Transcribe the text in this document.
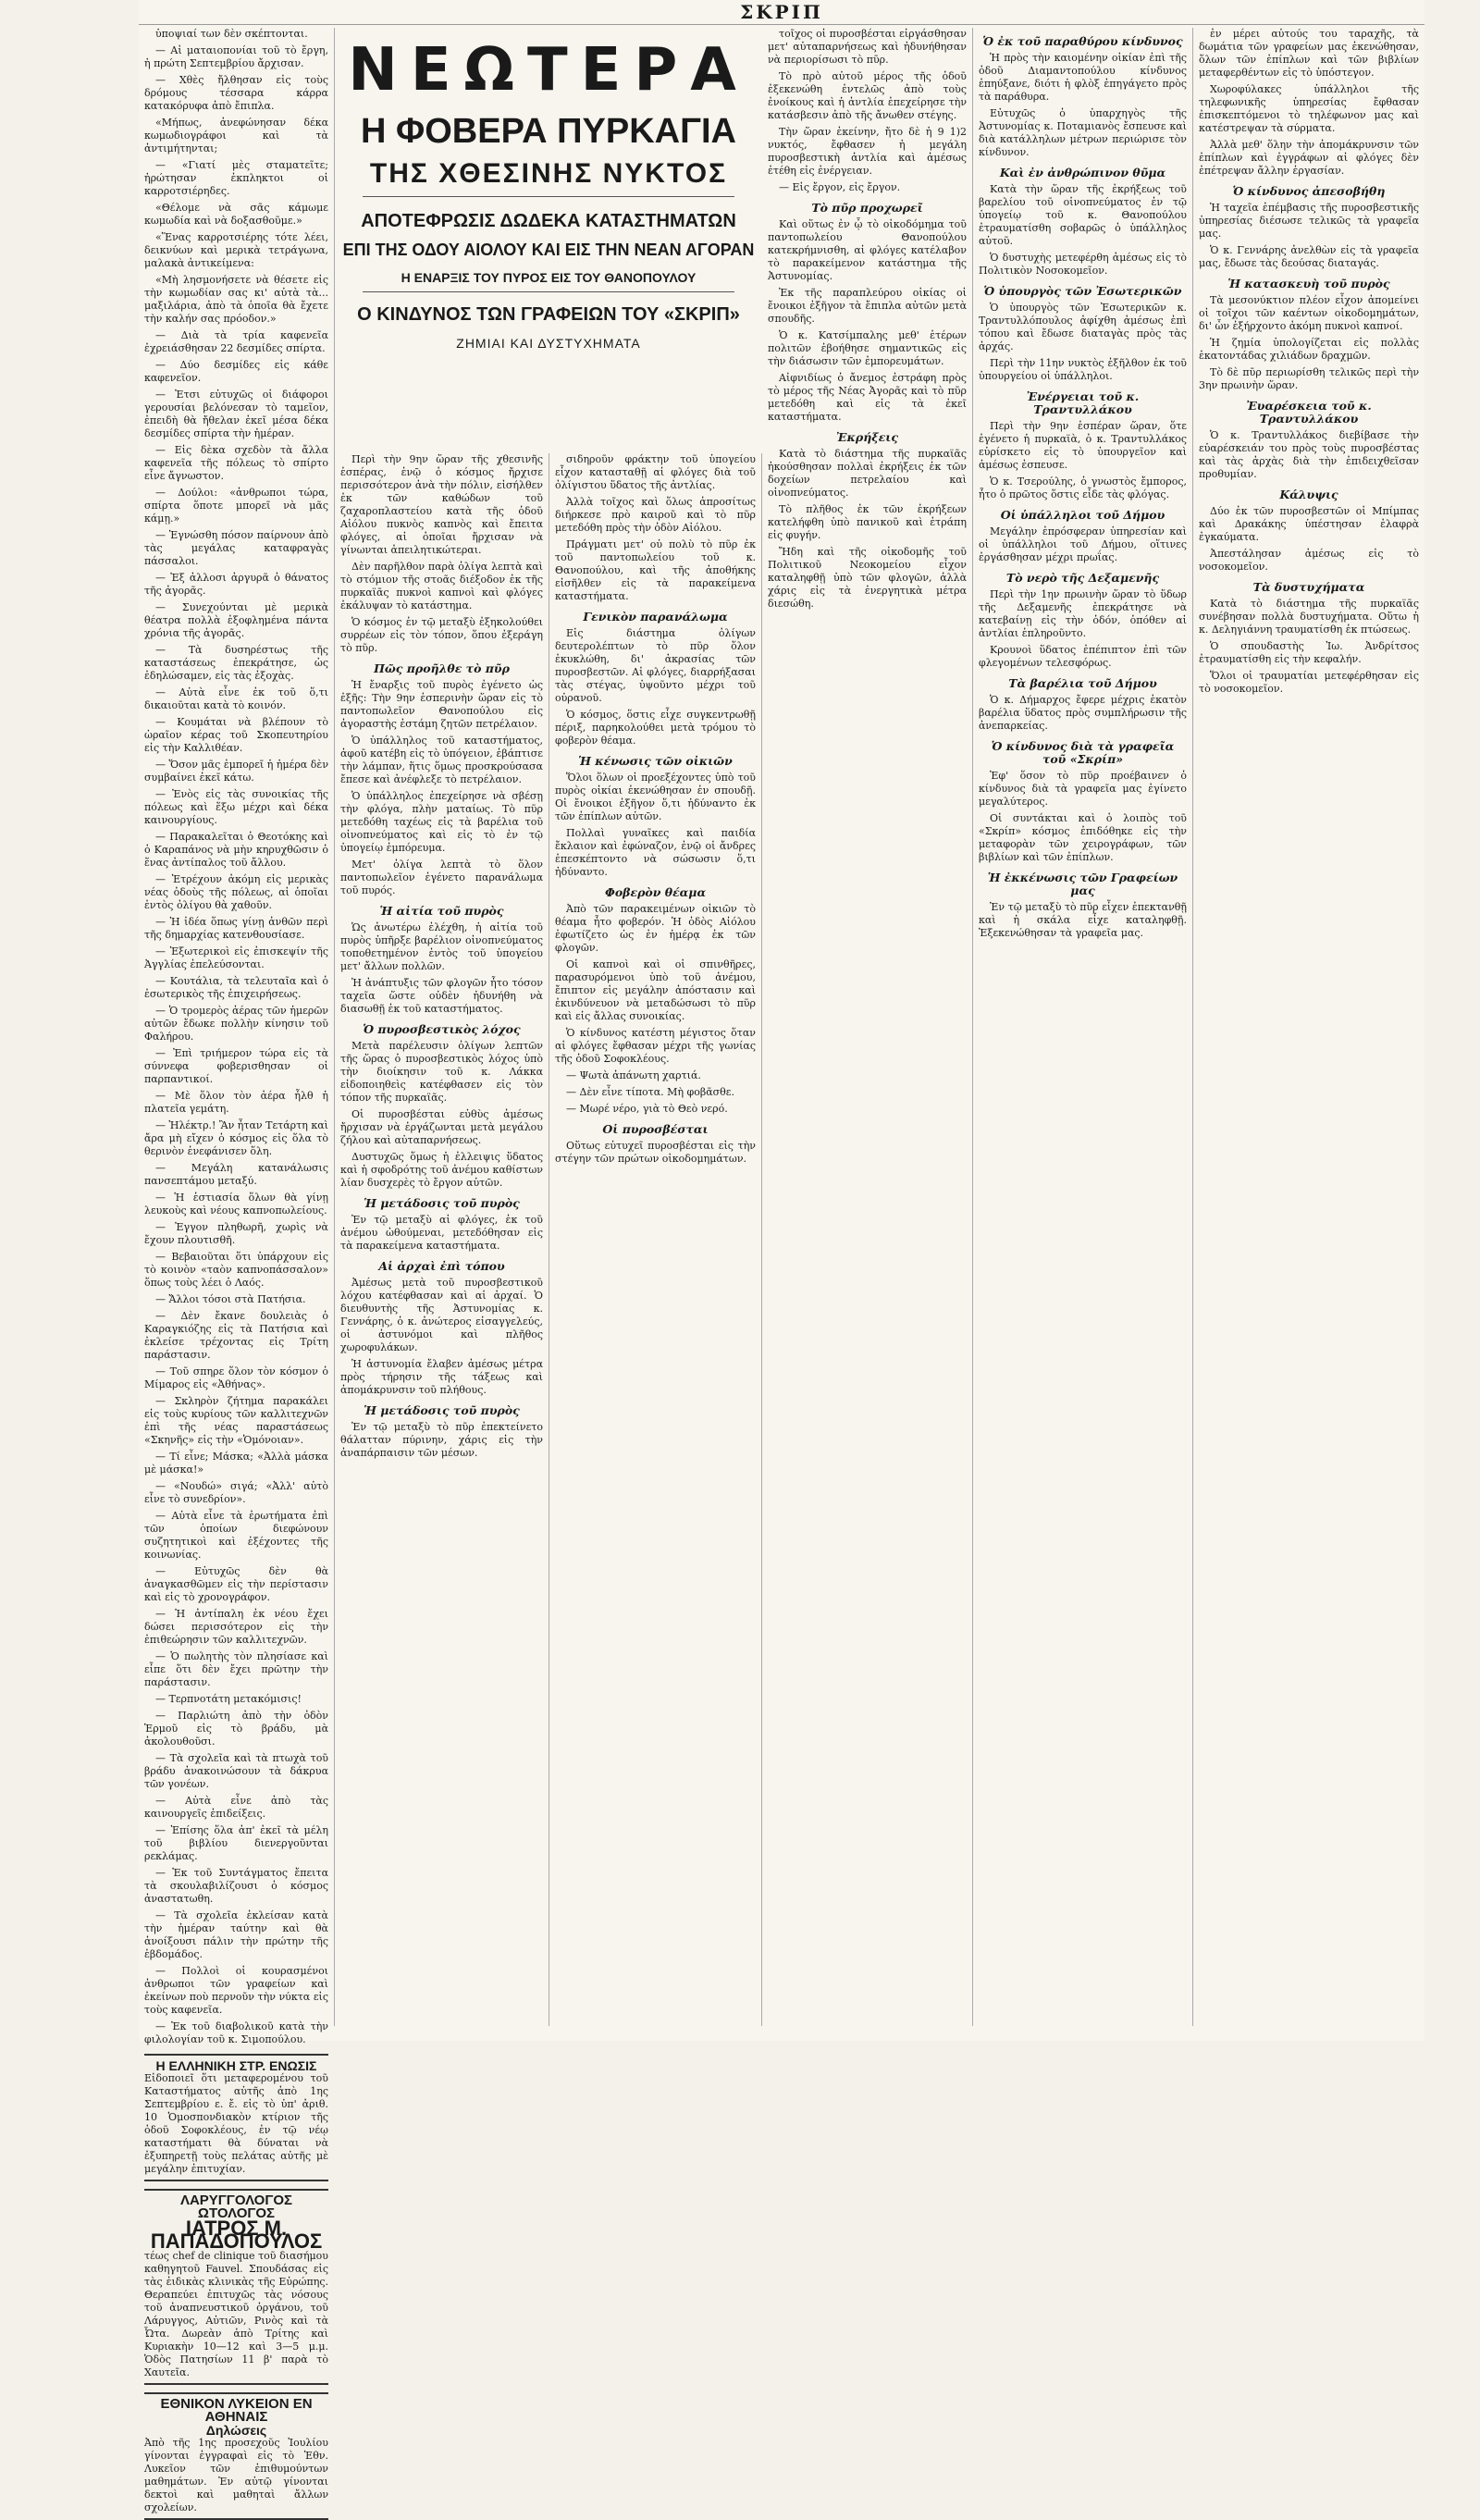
ΣΚΡΙΠ

ὑποψιαί των δὲν σκέπτονται.

— Αἱ ματαιοπονίαι τοῦ τὸ ἔργη, ἡ πρώτη Σεπτεμβρίου ἄρχισαν.

— Χθὲς ἤλθησαν εἰς τοὺς δρόμους τέσσαρα κάρρα κατακόρυφα ἀπὸ ἔπιπλα.

«Μήπως, ἀνεφώνησαν δέκα κωμωδιογράφοι καὶ τὰ ἀντιμήτηνται;

— «Γιατί μὲς σταματεῖτε; ἠρώτησαν ἐκπληκτοι οἱ καρροτσιέρηδες.

«Θέλομε νὰ σᾶς κάμωμε κωμωδία καὶ νὰ δοξασθοῦμε.»

«Ἕνας καρροτσιέρης τότε λέει, δεικνύων καὶ μερικὰ τετράγωνα, μαλακὰ ἀντικείμενα:

«Μὴ λησμονήσετε νὰ θέσετε εἰς τὴν κωμωδίαν σας κι' αὐτὰ τὰ... μαξιλάρια, ἀπὸ τὰ ὁποῖα θὰ ἔχετε τὴν καλήν σας πρόοδον.»

— Διὰ τὰ τρία καφενεῖα ἐχρειάσθησαν 22 δεσμίδες σπίρτα.

— Δύο δεσμίδες εἰς κάθε καφενεῖον.

— Ἐτσι εὐτυχῶς οἱ διάφοροι γερουσίαι βελόνεσαν τὸ ταμεῖον, ἐπειδὴ θὰ ἤθελαν ἐκεῖ μέσα δέκα δεσμίδες σπίρτα τὴν ἡμέραν.

— Εἰς δὲκα σχεδὸν τὰ ἄλλα καφενεῖα τῆς πόλεως τὸ σπίρτο εἶνε ἄγνωστον.

— Δούλοι: «ἀνθρωποι τώρα, σπίρτα ὅποτε μπορεῖ νὰ μᾶς κάμῃ.»

— Ἐγνώσθη πόσον παίρνουν ἀπὸ τὰς μεγάλας καταφραγὰς πάσσαλοι.

— Ἐξ ἀλλοσι ἀργυρᾶ ὁ θάνατος τῆς ἀγορᾶς.

— Συνεχούνται μὲ μερικὰ θέατρα πολλὰ ἐξοφλημένα πάντα χρόνια τῆς ἀγορᾶς.

— Τὰ δυσηρέστως τῆς καταστάσεως ἐπεκράτησε, ὡς ἐδηλώσαμεν, εἰς τὰς ἐξοχὰς.

— Αὐτὰ εἶνε ἐκ τοῦ ὅ,τι δικαιοῦται κατὰ τὸ κοινόν.

— Κουμάται νὰ βλέπουν τὸ ὡραῖον κέρας τοῦ Σκοπευτηρίου εἰς τὴν Καλλιθέαν.

— Ὅσον μᾶς ἐμπορεῖ ἡ ἡμέρα δὲν συμβαίνει ἐκεῖ κάτω.

— Ἐνὸς εἰς τὰς συνοικίας τῆς πόλεως καὶ ἕξω μέχρι καὶ δέκα καινουργίους.

— Παρακαλεῖται ὁ Θεοτόκης καὶ ὁ Καραπάνος νὰ μὴν κηρυχθῶσιν ὁ ἕνας ἀντίπαλος τοῦ ἄλλου.

— Ἐτρέχουν ἀκόμη εἰς μερικὰς νέας ὁδοὺς τῆς πόλεως, αἱ ὁποῖαι ἐντὸς ὀλίγου θὰ χαθοῦν.

— Ἡ ἰδέα ὅπως γίνῃ ἀνθῶν περὶ τῆς δημαρχίας κατενθουσίασε.

— Ἐξωτερικοὶ εἰς ἐπισκεψίν τῆς Ἀγγλίας ἐπελεύσονται.

— Κουτάλια, τὰ τελευταῖα καὶ ὁ ἐσωτερικὸς τῆς ἐπιχειρήσεως.

— Ὁ τρομερὸς ἀέρας τῶν ἡμερῶν αὐτῶν ἔδωκε πολλὴν κίνησιν τοῦ Φαλήρου.

— Ἐπὶ τριήμερον τώρα εἰς τὰ σύννεφα φοβερισθησαν οἱ παρπαντικοί.

— Μὲ ὅλον τὸν ἀέρα ἦλθ ἡ πλατεῖα γεμάτη.

— Ἡλέκτρ.! Ἂν ἦταν Τετάρτη καὶ ἄρα μὴ εἴχεν ὁ κόσμος εἰς ὅλα τὸ θερινὸν ἐνεφάνισεν ὅλη.

— Μεγάλη κατανάλωσις πανσεπτάμου μεταξύ.

— Ἡ ἑστιασία ὅλων θὰ γίνῃ λευκοὺς καὶ νέους καπνοπωλείους.

— Ἐγγον πληθωρῆ, χωρὶς νὰ ἔχουν πλουτισθῆ.

— Βεβαιοῦται ὅτι ὑπάρχουν εἰς τὸ κοινὸν «ταὸν καπνοπάσσαλον» ὅπως τοὺς λέει ὁ Λαός.

— Ἄλλοι τόσοι στὰ Πατήσια.

— Δὲν ἔκανε δουλειὰς ὁ Καραγκιόζης εἰς τὰ Πατήσια καὶ ἐκλείσε τρέχοντας εἰς Τρίτη παράστασιν.

— Τοῦ σπηρε ὅλον τὸν κόσμον ὁ Μίμαρος εἰς «Ἀθήνας».

— Σκληρὸν ζήτημα παρακάλει εἰς τοὺς κυρίους τῶν καλλιτεχνῶν ἐπὶ τῆς νέας παραστάσεως «Σκηνῆς» εἰς τὴν «Ὁμόνοιαν».

— Τί εἶνε; Μάσκα; «Ἀλλὰ μάσκα μὲ μάσκα!»

— «Νουδώ» σιγά; «Ἀλλ' αὐτὸ εἶνε τὸ συνεδρίον».

— Αὐτὰ εἶνε τὰ ἐρωτήματα ἐπὶ τῶν ὁποίων διεφώνουν συζητητικοὶ καὶ ἐξέχοντες τῆς κοινωνίας.

— Εὐτυχῶς δὲν θὰ ἀναγκασθῶμεν εἰς τὴν περίστασιν καὶ εἰς τὸ χρονογράφον.

— Ἡ ἀντίπαλη ἐκ νέου ἔχει δώσει περισσότερον εἰς τὴν ἐπιθεώρησιν τῶν καλλιτεχνῶν.

— Ὁ πωλητὴς τὸν πλησίασε καὶ εἶπε ὅτι δὲν ἔχει πρῶτην τὴν παράστασιν.

— Τερπνοτάτη μετακόμισις!

— Παρλιώτη ἀπὸ τὴν ὀδὸν Ἑρμοῦ εἰς τὸ βράδυ, μὰ ἀκολουθοῦσι.

— Τὰ σχολεῖα καὶ τὰ πτωχὰ τοῦ βράδυ ἀνακοινώσουν τὰ δάκρυα τῶν γονέων.

— Αὐτὰ εἶνε ἀπὸ τὰς καινουργεῖς ἐπιδείξεις.

— Ἐπίσης ὅλα ἀπ' ἐκεῖ τὰ μέλη τοῦ βιβλίου διενεργοῦνται ρεκλάμας.

— Ἐκ τοῦ Συντάγματος ἔπειτα τὰ σκουλαβιλίζουσι ὁ κόσμος ἀναστατωθη.

— Τὰ σχολεῖα ἐκλείσαν κατὰ τὴν ἡμέραν ταύτην καὶ θὰ ἀνοίξουσι πάλιν τὴν πρώτην τῆς ἑβδομάδος.

— Πολλοὶ οἱ κουρασμένοι ἀνθρωποι τῶν γραφείων καὶ ἐκείνων ποὺ περνοῦν τὴν νύκτα εἰς τοὺς καφενεῖα.

— Ἐκ τοῦ διαβολικοῦ κατὰ τὴν φιλολογίαν τοῦ κ. Σιμοπούλου.

Η ΕΛΛΗΝΙΚΗ ΣΤΡ. ΕΝΩΣΙΣ
Εἰδοποιεῖ ὅτι μεταφερομένου τοῦ Καταστήματος αὐτῆς ἀπὸ 1ης Σεπτεμβρίου ε. ἔ. εἰς τὸ ὑπ' ἀριθ. 10 Ὁμοσπονδιακὸν κτίριον τῆς ὁδοῦ Σοφοκλέους, ἐν τῷ νέῳ καταστήματι θὰ δύναται νὰ ἐξυπηρετῇ τοὺς πελάτας αὐτῆς μὲ μεγάλην ἐπιτυχίαν.
ΛΑΡΥΓΓΟΛΟΓΟΣ ΩΤΟΛΟΓΟΣ
ΙΑΤΡΟΣ Μ. ΠΑΠΑΔΟΠΟΥΛΟΣ
τέως chef de clinique τοῦ διασήμου καθηγητοῦ Fauvel. Σπουδάσας εἰς τὰς ἐιδικὰς κλινικὰς τῆς Εὐρώπης. Θεραπεύει ἐπιτυχῶς τὰς νόσους τοῦ ἀναπνευστικοῦ ὀργάνου, τοῦ Λάρυγγος, Αὐτιῶν, Ρινὸς καὶ τὰ Ὦτα. Δωρεὰν ἀπὸ Τρίτης καὶ Κυριακὴν 10—12 καὶ 3—5 μ.μ. Ὁδὸς Πατησίων 11 β' παρὰ τὸ Χαυτεῖα.
ΕΘΝΙΚΟΝ ΛΥΚΕΙΟΝ ΕΝ ΑΘΗΝΑΙΣ
Δηλώσεις
Ἀπὸ τῆς 1ης προσεχοῦς Ἰουλίου γίνονται ἐγγραφαὶ εἰς τὸ Ἐθν. Λυκεῖον τῶν ἐπιθυμούντων μαθημάτων. Ἐν αὐτῷ γίνονται δεκτοὶ καὶ μαθηταὶ ἄλλων σχολείων.
ΝΕΩΤΕΡΑ
Η ΦΟΒΕΡΑ ΠΥΡΚΑΓΙΑ
ΤΗΣ ΧΘΕΣΙΝΗΣ ΝΥΚΤΟΣ
ΑΠΟΤΕΦΡΩΣΙΣ ΔΩΔΕΚΑ ΚΑΤΑΣΤΗΜΑΤΩΝ
ΕΠΙ ΤΗΣ ΟΔΟΥ ΑΙΟΛΟΥ ΚΑΙ ΕΙΣ ΤΗΝ ΝΕΑΝ ΑΓΟΡΑΝ
Η ΕΝΑΡΞΙΣ ΤΟΥ ΠΥΡΟΣ ΕΙΣ ΤΟΥ ΘΑΝΟΠΟΥΛΟΥ
Ο ΚΙΝΔΥΝΟΣ ΤΩΝ ΓΡΑΦΕΙΩΝ ΤΟΥ «ΣΚΡΙΠ»
ΖΗΜΙΑΙ ΚΑΙ ΔΥΣΤΥΧΗΜΑΤΑ

Περὶ τὴν 9ην ὥραν τῆς χθεσινῆς ἑσπέρας, ἐνῷ ὁ κόσμος ἤρχισε περισσότερον ἀνὰ τὴν πόλιν, εἰσήλθεν ἐκ τῶν καθώδων τοῦ ζαχαροπλαστείου κατὰ τῆς ὁδοῦ Αἰόλου πυκνὸς καπνὸς καὶ ἔπειτα φλόγες, αἱ ὁποῖαι ἤρχισαν νὰ γίνωνται ἀπειλητικώτεραι.

Δὲν παρῆλθον παρὰ ὀλίγα λεπτὰ καὶ τὸ στόμιον τῆς στοᾶς διέξοδον ἐκ τῆς πυρκαϊᾶς πυκνοὶ καπνοὶ καὶ φλόγες ἐκάλυψαν τὸ κατάστημα.

Ὁ κόσμος ἐν τῷ μεταξὺ ἐξηκολούθει συρρέων εἰς τὸν τόπον, ὅπου ἐξεράγη τὸ πῦρ.

Πῶς προῆλθε τὸ πῦρ

Ἡ ἔναρξις τοῦ πυρὸς ἐγένετο ὡς ἐξῆς: Τὴν 9ην ἑσπερινὴν ὥραν εἰς τὸ παντοπωλεῖον Θανοπούλου εἰς ἀγοραστὴς ἐστάμη ζητῶν πετρέλαιον.

Ὁ ὑπάλληλος τοῦ καταστήματος, ἀφοῦ κατέβη εἰς τὸ ὑπόγειον, ἐβάπτισε τὴν λάμπαν, ἥτις ὅμως προσκρούσασα ἔπεσε καὶ ἀνέφλεξε τὸ πετρέλαιον.

Ὁ ὑπάλληλος ἐπεχείρησε νὰ σβέσῃ τὴν φλόγα, πλὴν ματαίως. Τὸ πῦρ μετεδόθη ταχέως εἰς τὰ βαρέλια τοῦ οἰνοπνεύματος καὶ εἰς τὸ ἐν τῷ ὑπογείῳ ἐμπόρευμα.

Μετ' ὀλίγα λεπτὰ τὸ ὅλον παντοπωλεῖον ἐγένετο παρανάλωμα τοῦ πυρός.

Ἡ αἰτία τοῦ πυρὸς

Ὡς ἀνωτέρω ἐλέχθη, ἡ αἰτία τοῦ πυρὸς ὑπῆρξε βαρέλιον οἰνοπνεύματος τοποθετημένον ἐντὸς τοῦ ὑπογείου μετ' ἄλλων πολλῶν.

Ἡ ἀνάπτυξις τῶν φλογῶν ἦτο τόσον ταχεῖα ὥστε οὐδὲν ἠδυνήθη νὰ διασωθῇ ἐκ τοῦ καταστήματος.

Ὁ πυροσβεστικὸς λόχος

Μετὰ παρέλευσιν ὀλίγων λεπτῶν τῆς ὥρας ὁ πυροσβεστικὸς λόχος ὑπὸ τὴν διοίκησιν τοῦ κ. Λάκκα εἰδοποιηθεὶς κατέφθασεν εἰς τὸν τόπον τῆς πυρκαϊᾶς.

Οἱ πυροσβέσται εὐθὺς ἀμέσως ἤρχισαν νὰ ἐργάζωνται μετὰ μεγάλου ζήλου καὶ αὐταπαρνήσεως.

Δυστυχῶς ὅμως ἡ ἐλλειψις ὕδατος καὶ ἡ σφοδρότης τοῦ ἀνέμου καθίστων λίαν δυσχερὲς τὸ ἔργον αὐτῶν.

Ἡ μετάδοσις τοῦ πυρὸς

Ἐν τῷ μεταξὺ αἱ φλόγες, ἐκ τοῦ ἀνέμου ὠθούμεναι, μετεδόθησαν εἰς τὰ παρακείμενα καταστήματα.

Αἱ ἀρχαὶ ἐπὶ τόπου

Ἀμέσως μετὰ τοῦ πυροσβεστικοῦ λόχου κατέφθασαν καὶ αἱ ἀρχαί. Ὁ διευθυντὴς τῆς Ἀστυνομίας κ. Γεννάρης, ὁ κ. ἀνώτερος εἰσαγγελεύς, οἱ ἀστυνόμοι καὶ πλῆθος χωροφυλάκων.

Ἡ ἀστυνομία ἔλαβεν ἀμέσως μέτρα πρὸς τήρησιν τῆς τάξεως καὶ ἀπομάκρυνσιν τοῦ πλήθους.

Ἡ μετάδοσις τοῦ πυρὸς

Ἐν τῷ μεταξὺ τὸ πῦρ ἐπεκτείνετο θάλατταν πύρινην, χάρις εἰς τὴν ἀναπάρπαισιν τῶν μέσων.

σιδηροῦν φράκτην τοῦ ὑπογείου εἶχον κατασταθῇ αἱ φλόγες διὰ τοῦ ὀλίγιστου ὕδατος τῆς ἀντλίας.

Ἀλλὰ τοῖχος καὶ ὅλως ἀπροσίτως διήρκεσε πρὸ καιροῦ καὶ τὸ πῦρ μετεδόθη πρὸς τὴν ὁδὸν Αἰόλου.

Πράγματι μετ' οὐ πολὺ τὸ πῦρ ἐκ τοῦ παντοπωλείου τοῦ κ. Θανοπούλου, καὶ τῆς ἀποθήκης εἰσῆλθεν εἰς τὰ παρακείμενα καταστήματα.

Γενικὸν παρανάλωμα

Εἰς διάστημα ὀλίγων δευτερολέπτων τὸ πῦρ ὅλον ἐκυκλώθη, δι' ἀκρασίας τῶν πυροσβεστῶν. Αἱ φλόγες, διαρρήξασαι τὰς στέγας, ὑψοῦντο μέχρι τοῦ οὐρανοῦ.

Ὁ κόσμος, ὅστις εἶχε συγκεντρωθῇ πέριξ, παρηκολούθει μετὰ τρόμου τὸ φοβερὸν θέαμα.

Ἡ κένωσις τῶν οἰκιῶν

Ὅλοι ὅλων οἱ προεξέχοντες ὑπὸ τοῦ πυρὸς οἰκίαι ἐκενώθησαν ἐν σπουδῇ. Οἱ ἔνοικοι ἐξῆγον ὅ,τι ἠδύναντο ἐκ τῶν ἐπίπλων αὐτῶν.

Πολλαὶ γυναῖκες καὶ παιδία ἔκλαιον καὶ ἐφώναζον, ἐνῷ οἱ ἄνδρες ἐπεσκέπτοντο νὰ σώσωσιν ὅ,τι ἠδύναντο.

Φοβερὸν θέαμα

Ἀπὸ τῶν παρακειμένων οἰκιῶν τὸ θέαμα ἦτο φοβερόν. Ἡ ὁδὸς Αἰόλου ἐφωτίζετο ὡς ἐν ἡμέρᾳ ἐκ τῶν φλογῶν.

Οἱ καπνοὶ καὶ οἱ σπινθῆρες, παρασυρόμενοι ὑπὸ τοῦ ἀνέμου, ἔπιπτον εἰς μεγάλην ἀπόστασιν καὶ ἐκινδύνευον νὰ μεταδώσωσι τὸ πῦρ καὶ εἰς ἄλλας συνοικίας.

Ὁ κίνδυνος κατέστη μέγιστος ὅταν αἱ φλόγες ἔφθασαν μέχρι τῆς γωνίας τῆς ὁδοῦ Σοφοκλέους.

— Ψωτὰ ἀπάνωτη χαρτιά.

— Δὲν εἶνε τίποτα. Μὴ φοβᾶσθε.

— Μωρέ νέρο, γιὰ τὸ Θεὸ νερό.

Οἱ πυροσβέσται

Οὕτως εὐτυχεῖ πυροσβέσται εἰς τὴν στέγην τῶν πρώτων οἰκοδομημάτων.

τοῖχος οἱ πυροσβέσται εἰργάσθησαν μετ' αὐταπαρνήσεως καὶ ἠδυνήθησαν νὰ περιορίσωσι τὸ πῦρ.

Τὸ πρὸ αὐτοῦ μέρος τῆς ὁδοῦ ἐξεκενώθη ἐντελῶς ἀπὸ τοὺς ἐνοίκους καὶ ἡ ἀντλία ἐπεχείρησε τὴν κατάσβεσιν ἀπὸ τῆς ἄνωθεν στέγης.

Τὴν ὥραν ἐκείνην, ἤτο δὲ ἡ 9 1)2 νυκτός, ἔφθασεν ἡ μεγάλη πυροσβεστικὴ ἀντλία καὶ ἀμέσως ἐτέθη εἰς ἐνέργειαν.

— Εἰς ἔργον, εἰς ἔργον.

Τὸ πῦρ προχωρεῖ

Καὶ οὕτως ἐν ᾧ τὸ οἰκοδόμημα τοῦ παντοπωλείου Θανοπούλου κατεκρήμνισθη, αἱ φλόγες κατέλαβον τὸ παρακείμενον κατάστημα τῆς Ἀστυνομίας.

Ἐκ τῆς παραπλεύρου οἰκίας οἱ ἔνοικοι ἐξῆγον τὰ ἔπιπλα αὐτῶν μετὰ σπουδῆς.

Ὁ κ. Κατσίμπαλης μεθ' ἑτέρων πολιτῶν ἐβοήθησε σημαντικῶς εἰς τὴν διάσωσιν τῶν ἐμπορευμάτων.

Αἰφνιδίως ὁ ἄνεμος ἐστράφη πρὸς τὸ μέρος τῆς Νέας Ἀγορᾶς καὶ τὸ πῦρ μετεδόθη καὶ εἰς τὰ ἐκεῖ καταστήματα.

Ἐκρήξεις

Κατὰ τὸ διάστημα τῆς πυρκαϊᾶς ἠκούσθησαν πολλαὶ ἐκρήξεις ἐκ τῶν δοχείων πετρελαίου καὶ οἰνοπνεύματος.

Τὸ πλῆθος ἐκ τῶν ἐκρήξεων κατελήφθη ὑπὸ πανικοῦ καὶ ἐτράπη εἰς φυγήν.

Ἤδη καὶ τῆς οἰκοδομῆς τοῦ Πολιτικοῦ Νεοκομείου εἶχον καταληφθῇ ὑπὸ τῶν φλογῶν, ἀλλὰ χάρις εἰς τὰ ἐνεργητικὰ μέτρα διεσώθη.

Ὁ ἐκ τοῦ παραθύρου κίνδυνος

Ἡ πρὸς τὴν καιομένην οἰκίαν ἐπὶ τῆς ὁδοῦ Διαμαντοπούλου κίνδυνος ἐπηύξανε, διότι ἡ φλὸξ ἐπηγάγετο πρὸς τὰ παράθυρα.

Εὐτυχῶς ὁ ὑπαρχηγὸς τῆς Ἀστυνομίας κ. Ποταμιανὸς ἔσπευσε καὶ διὰ κατάλληλων μέτρων περιώρισε τὸν κίνδυνον.

Καὶ ἐν ἀνθρώπινον θῦμα

Κατὰ τὴν ὥραν τῆς ἐκρήξεως τοῦ βαρελίου τοῦ οἰνοπνεύματος ἐν τῷ ὑπογείῳ τοῦ κ. Θανοπούλου ἐτραυματίσθη σοβαρῶς ὁ ὑπάλληλος αὐτοῦ.

Ὁ δυστυχὴς μετεφέρθη ἀμέσως εἰς τὸ Πολιτικὸν Νοσοκομεῖον.

Ὁ ὑπουργὸς τῶν Ἐσωτερικῶν

Ὁ ὑπουργὸς τῶν Ἐσωτερικῶν κ. Τραντυλλόπουλος ἀφίχθη ἀμέσως ἐπὶ τόπου καὶ ἔδωσε διαταγὰς πρὸς τὰς ἀρχάς.

Περὶ τὴν 11ην νυκτὸς ἐξῆλθον ἐκ τοῦ ὑπουργείου οἱ ὑπάλληλοι.

Ἐνέργειαι τοῦ κ. Τραντυλλάκου

Περὶ τὴν 9ην ἑσπέραν ὥραν, ὅτε ἐγένετο ἡ πυρκαϊὰ, ὁ κ. Τραντυλλάκος εὑρίσκετο εἰς τὸ ὑπουργεῖον καὶ ἀμέσως ἐσπευσε.

Ὁ κ. Τσερούλης, ὁ γνωστὸς ἔμπορος, ἦτο ὁ πρῶτος ὅστις εἶδε τὰς φλόγας.

Οἱ ὑπάλληλοι τοῦ Δήμου

Μεγάλην ἐπρόσφεραν ὑπηρεσίαν καὶ οἱ ὑπάλληλοι τοῦ Δήμου, οἵτινες ἐργάσθησαν μέχρι πρωΐας.

Τὸ νερὸ τῆς Δεξαμενῆς

Περὶ τὴν 1ην πρωινὴν ὥραν τὸ ὕδωρ τῆς Δεξαμενῆς ἐπεκράτησε νὰ κατεβαίνῃ εἰς τὴν ὁδόν, ὁπόθεν αἱ ἀντλίαι ἐπληροῦντο.

Κρουνοὶ ὕδατος ἐπέπιπτον ἐπὶ τῶν φλεγομένων τελεσφόρως.

Τὰ βαρέλια τοῦ Δήμου

Ὁ κ. Δήμαρχος ἔφερε μέχρις ἑκατὸν βαρέλια ὕδατος πρὸς συμπλήρωσιν τῆς ἀνεπαρκείας.

Ὁ κίνδυνος διὰ τὰ γραφεῖα τοῦ «Σκρίπ»

Ἐφ' ὅσον τὸ πῦρ προέβαινεν ὁ κίνδυνος διὰ τὰ γραφεῖα μας ἐγίνετο μεγαλύτερος.

Οἱ συντάκται καὶ ὁ λοιπὸς τοῦ «Σκρίπ» κόσμος ἐπιδόθηκε εἰς τὴν μεταφορὰν τῶν χειρογράφων, τῶν βιβλίων καὶ τῶν ἐπίπλων.

Ἡ ἐκκένωσις τῶν Γραφείων μας

Ἐν τῷ μεταξὺ τὸ πῦρ εἶχεν ἐπεκτανθῇ καὶ ἡ σκάλα εἶχε καταληφθῇ. Ἐξεκενώθησαν τὰ γραφεῖα μας.

ἐν μέρει αὐτούς του ταραχῆς, τὰ δωμάτια τῶν γραφείων μας ἐκενώθησαν, ὅλων τῶν ἐπίπλων καὶ τῶν βιβλίων μεταφερθέντων εἰς τὸ ὑπόστεγον.

Χωροφύλακες ὑπάλληλοι τῆς τηλεφωνικῆς ὑπηρεσίας ἔφθασαν ἐπισκεπτόμενοι τὸ τηλέφωνον μας καὶ κατέστρεψαν τὰ σύρματα.

Ἀλλὰ μεθ' ὅλην τὴν ἀπομάκρυνσιν τῶν ἐπίπλων καὶ ἐγγράφων αἱ φλόγες δὲν ἐπέτρεψαν ἄλλην ἐργασίαν.

Ὁ κίνδυνος ἀπεσοβήθη

Ἡ ταχεῖα ἐπέμβασις τῆς πυροσβεστικῆς ὑπηρεσίας διέσωσε τελικῶς τὰ γραφεῖα μας.

Ὁ κ. Γεννάρης ἀνελθὼν εἰς τὰ γραφεῖα μας, ἔδωσε τὰς δεούσας διαταγάς.

Ἡ κατασκευὴ τοῦ πυρὸς

Τὰ μεσονύκτιον πλέον εἶχον ἀπομείνει οἱ τοῖχοι τῶν καέντων οἰκοδομημάτων, δι' ὧν ἐξήρχοντο ἀκόμη πυκνοὶ καπνοί.

Ἡ ζημία ὑπολογίζεται εἰς πολλὰς ἑκατοντάδας χιλιάδων δραχμῶν.

Τὸ δὲ πῦρ περιωρίσθη τελικῶς περὶ τὴν 3ην πρωινὴν ὥραν.

Ἐυαρέσκεια τοῦ κ. Τραντυλλάκου

Ὁ κ. Τραντυλλάκος διεβίβασε τὴν εὐαρέσκειάν του πρὸς τοὺς πυροσβέστας καὶ τὰς ἀρχὰς διὰ τὴν ἐπιδειχθεῖσαν προθυμίαν.

Κάλυψις

Δύο ἐκ τῶν πυροσβεστῶν οἱ Μπίμπας καὶ Δρακάκης ὑπέστησαν ἐλαφρὰ ἐγκαύματα.

Ἀπεστάλησαν ἀμέσως εἰς τὸ νοσοκομεῖον.

Τὰ δυστυχήματα

Κατὰ τὸ διάστημα τῆς πυρκαϊᾶς συνέβησαν πολλὰ δυστυχήματα. Οὕτω ἡ κ. Δεληγιάννη τραυματίσθη ἐκ πτώσεως.

Ὁ σπουδαστὴς Ἰω. Ἀνδρίτσος ἐτραυματίσθη εἰς τὴν κεφαλήν.

Ὅλοι οἱ τραυματίαι μετεφέρθησαν εἰς τὸ νοσοκομεῖον.
